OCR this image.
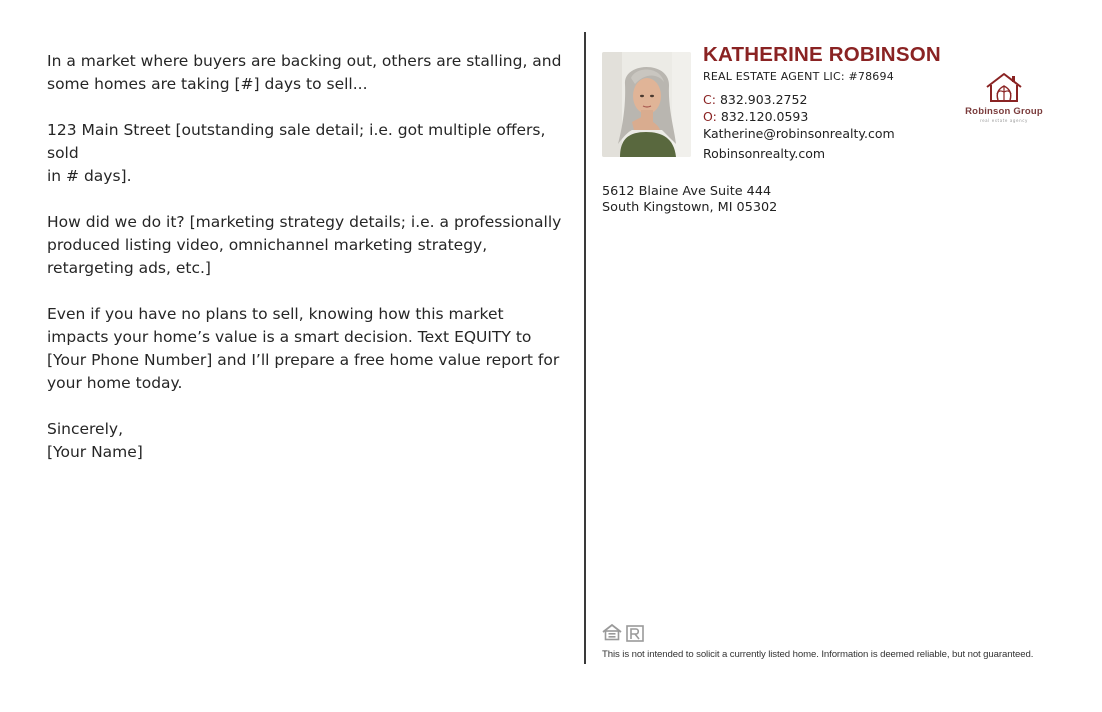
In a market where buyers are backing out, others are stalling, and
some homes are taking [#] days to sell...

123 Main Street [outstanding sale detail; i.e. got multiple offers, sold
in # days].

How did we do it? [marketing strategy details; i.e. a professionally
produced listing video, omnichannel marketing strategy,
retargeting ads, etc.]

Even if you have no plans to sell, knowing how this market
impacts your home’s value is a smart decision. Text EQUITY to
[Your Phone Number] and I’ll prepare a free home value report for
your home today.

Sincerely,
[Your Name]

KATHERINE ROBINSON
REAL ESTATE AGENT LIC: #78694
C: 832.903.2752
O: 832.120.0593
Katherine@robinsonrealty.com
Robinsonrealty.com
Robinson Group
real estate agency
5612 Blaine Ave Suite 444
South Kingstown, MI 05302
This is not intended to solicit a currently listed home. Information is deemed reliable, but not guaranteed.
